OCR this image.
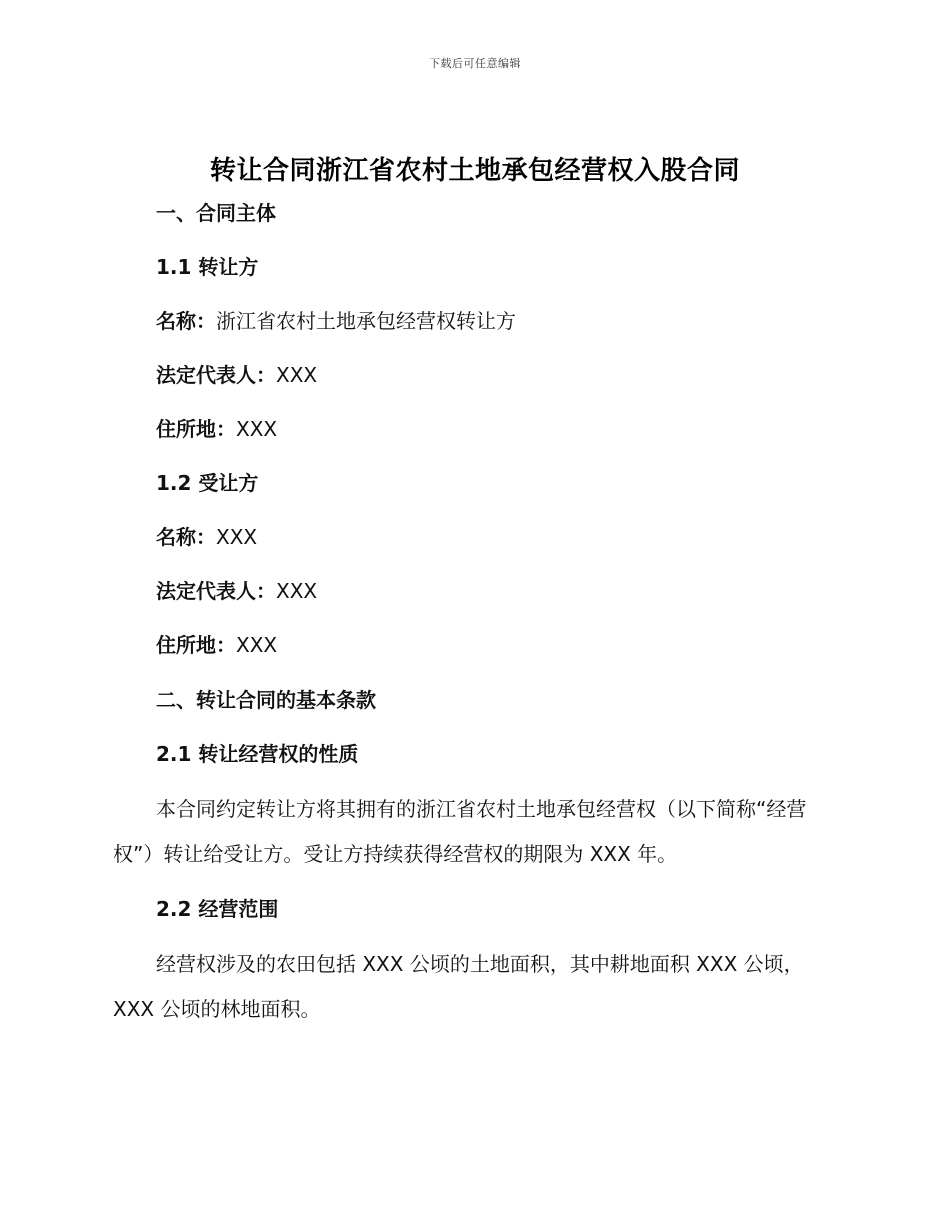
下载后可任意编辑
转让合同浙江省农村土地承包经营权入股合同
一、合同主体
1.1 转让方
名称：浙江省农村土地承包经营权转让方
法定代表人：XXX
住所地：XXX
1.2 受让方
名称：XXX
法定代表人：XXX
住所地：XXX
二、转让合同的基本条款
2.1 转让经营权的性质
本合同约定转让方将其拥有的浙江省农村土地承包经营权（以下简称“经营权”）转让给受让方。受让方持续获得经营权的期限为 XXX 年。
2.2 经营范围
经营权涉及的农田包括 XXX 公顷的土地面积，其中耕地面积 XXX 公顷，XXX 公顷的林地面积。
